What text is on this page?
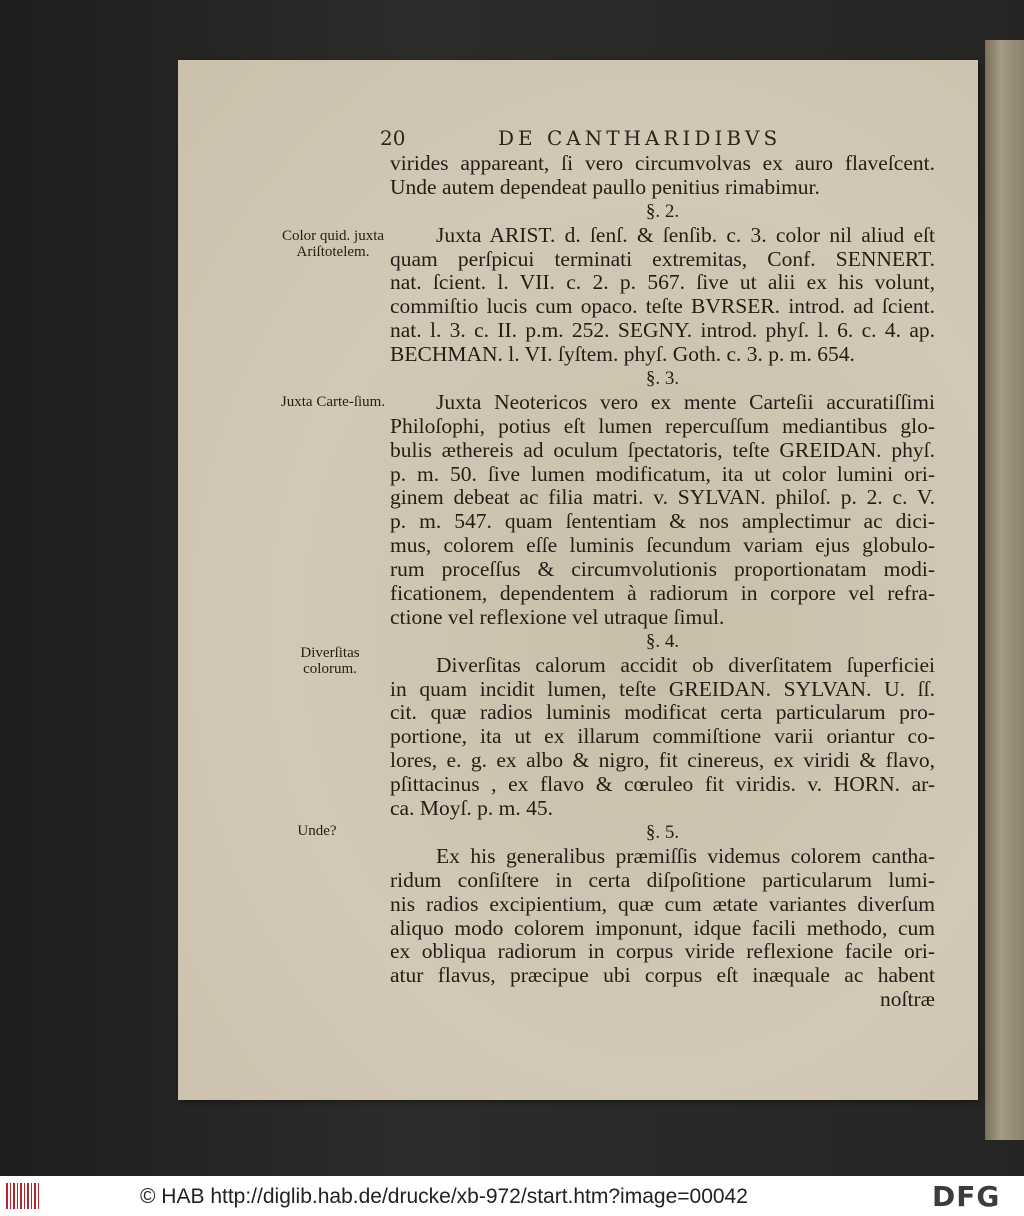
20	DE CANTHARIDIBVS
Color quid. juxta Ariſtotelem.
Juxta Carte-ſium.
Diverſitas colorum.
Unde?
virides appareant, ſi vero circumvolvas ex auro flaveſcent.
Unde autem dependeat paullo penitius rimabimur.
§. 2.
Juxta ARIST. d. ſenſ. & ſenſib. c. 3. color nil aliud eſt
quam perſpicui terminati extremitas, Conf. SENNERT.
nat. ſcient. l. VII. c. 2. p. 567. ſive ut alii ex his volunt,
commiſtio lucis cum opaco. teſte BVRSER. introd. ad ſcient.
nat. l. 3. c. II. p.m. 252. SEGNY. introd. phyſ. l. 6. c. 4. ap.
BECHMAN. l. VI. ſyſtem. phyſ. Goth. c. 3. p. m. 654.
§. 3.
Juxta Neotericos vero ex mente Carteſii accuratiſſimi
Philoſophi, potius eſt lumen repercuſſum mediantibus glo-
bulis æthereis ad oculum ſpectatoris, teſte GREIDAN. phyſ.
p. m. 50. ſive lumen modificatum, ita ut color lumini ori-
ginem debeat ac filia matri. v. SYLVAN. philoſ. p. 2. c. V.
p. m. 547. quam ſententiam & nos amplectimur ac dici-
mus, colorem eſſe luminis ſecundum variam ejus globulo-
rum proceſſus & circumvolutionis proportionatam modi-
ficationem, dependentem à radiorum in corpore vel refra-
ctione vel reflexione vel utraque ſimul.
§. 4.
Diverſitas calorum accidit ob diverſitatem ſuperficiei
in quam incidit lumen, teſte GREIDAN. SYLVAN. U. ſſ.
cit. quæ radios luminis modificat certa particularum pro-
portione, ita ut ex illarum commiſtione varii oriantur co-
lores, e. g. ex albo & nigro, fit cinereus, ex viridi & flavo,
pſittacinus , ex flavo & cœruleo fit viridis. v. HORN. ar-
ca. Moyſ. p. m. 45.
§. 5.
Ex his generalibus præmiſſis videmus colorem cantha-
ridum conſiſtere in certa diſpoſitione particularum lumi-
nis radios excipientium, quæ cum ætate variantes diverſum
aliquo modo colorem imponunt, idque facili methodo, cum
ex obliqua radiorum in corpus viride reflexione facile ori-
atur flavus, præcipue ubi corpus eſt inæquale ac habent
noſtræ
© HAB http://diglib.hab.de/drucke/xb-972/start.htm?image=00042	DFG
